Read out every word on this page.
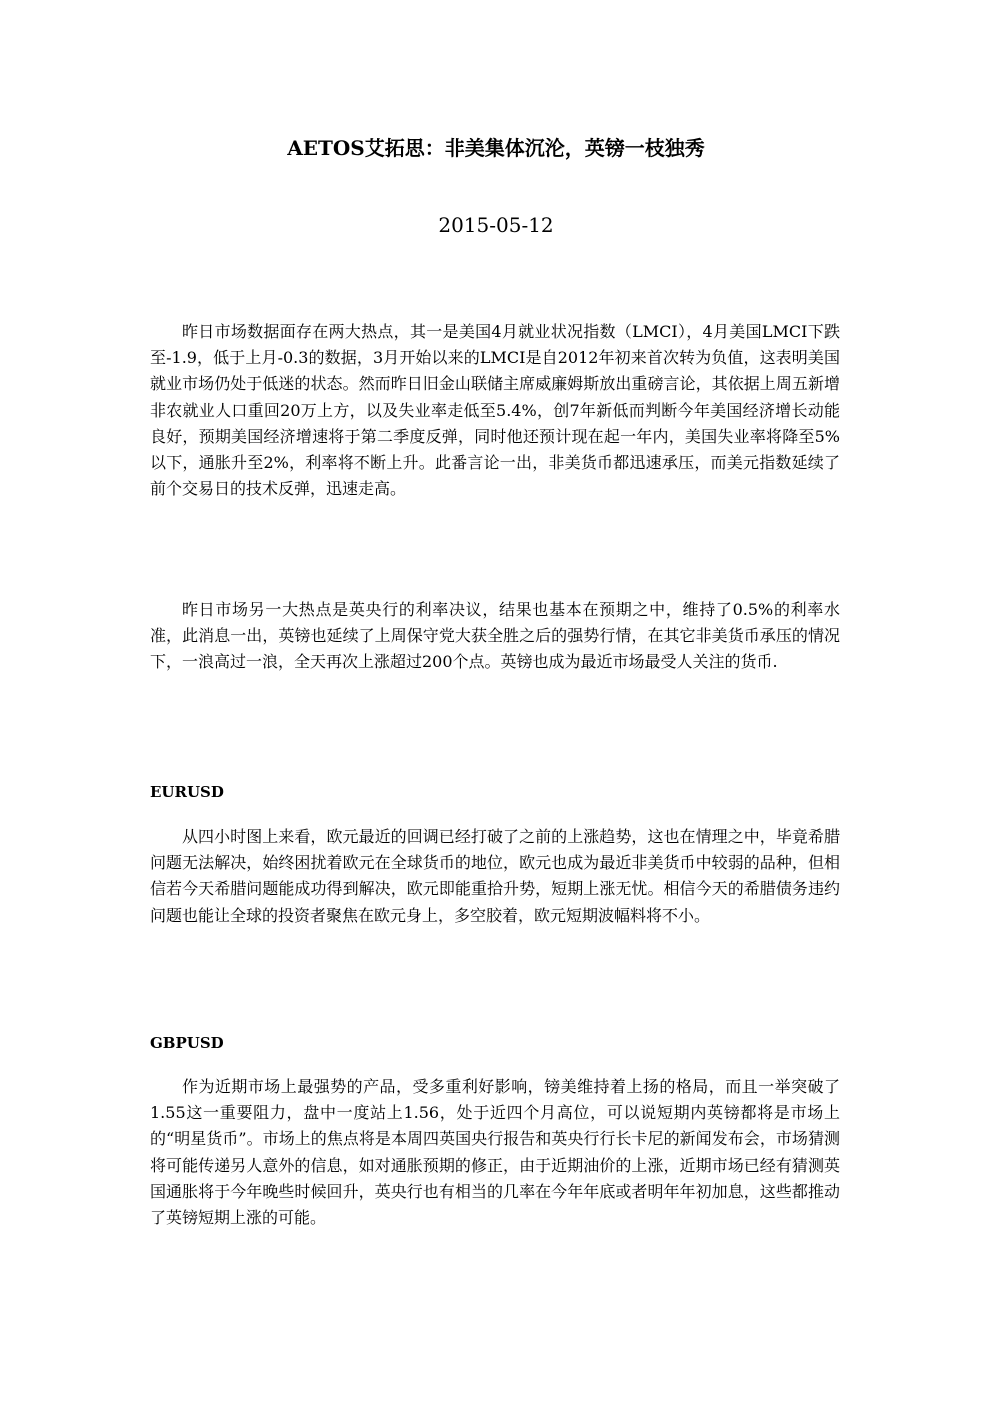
AETOS艾拓思：非美集体沉沦，英镑一枝独秀
2015-05-12

昨日市场数据面存在两大热点，其一是美国4月就业状况指数（LMCI），4月美国LMCI下跌至-1.9，低于上月-0.3的数据，3月开始以来的LMCI是自2012年初来首次转为负值，这表明美国就业市场仍处于低迷的状态。然而昨日旧金山联储主席威廉姆斯放出重磅言论，其依据上周五新增非农就业人口重回20万上方，以及失业率走低至5.4%，创7年新低而判断今年美国经济增长动能良好，预期美国经济增速将于第二季度反弹，同时他还预计现在起一年内，美国失业率将降至5%以下，通胀升至2%，利率将不断上升。此番言论一出，非美货币都迅速承压，而美元指数延续了前个交易日的技术反弹，迅速走高。

昨日市场另一大热点是英央行的利率决议，结果也基本在预期之中，维持了0.5%的利率水准，此消息一出，英镑也延续了上周保守党大获全胜之后的强势行情，在其它非美货币承压的情况下，一浪高过一浪，全天再次上涨超过200个点。英镑也成为最近市场最受人关注的货币.

EURUSD

从四小时图上来看，欧元最近的回调已经打破了之前的上涨趋势，这也在情理之中，毕竟希腊问题无法解决，始终困扰着欧元在全球货币的地位，欧元也成为最近非美货币中较弱的品种，但相信若今天希腊问题能成功得到解决，欧元即能重拾升势，短期上涨无忧。相信今天的希腊债务违约问题也能让全球的投资者聚焦在欧元身上，多空胶着，欧元短期波幅料将不小。

GBPUSD

作为近期市场上最强势的产品，受多重利好影响，镑美维持着上扬的格局，而且一举突破了1.55这一重要阻力，盘中一度站上1.56，处于近四个月高位，可以说短期内英镑都将是市场上的“明星货币”。市场上的焦点将是本周四英国央行报告和英央行行长卡尼的新闻发布会，市场猜测将可能传递另人意外的信息，如对通胀预期的修正，由于近期油价的上涨，近期市场已经有猜测英国通胀将于今年晚些时候回升，英央行也有相当的几率在今年年底或者明年年初加息，这些都推动了英镑短期上涨的可能。
